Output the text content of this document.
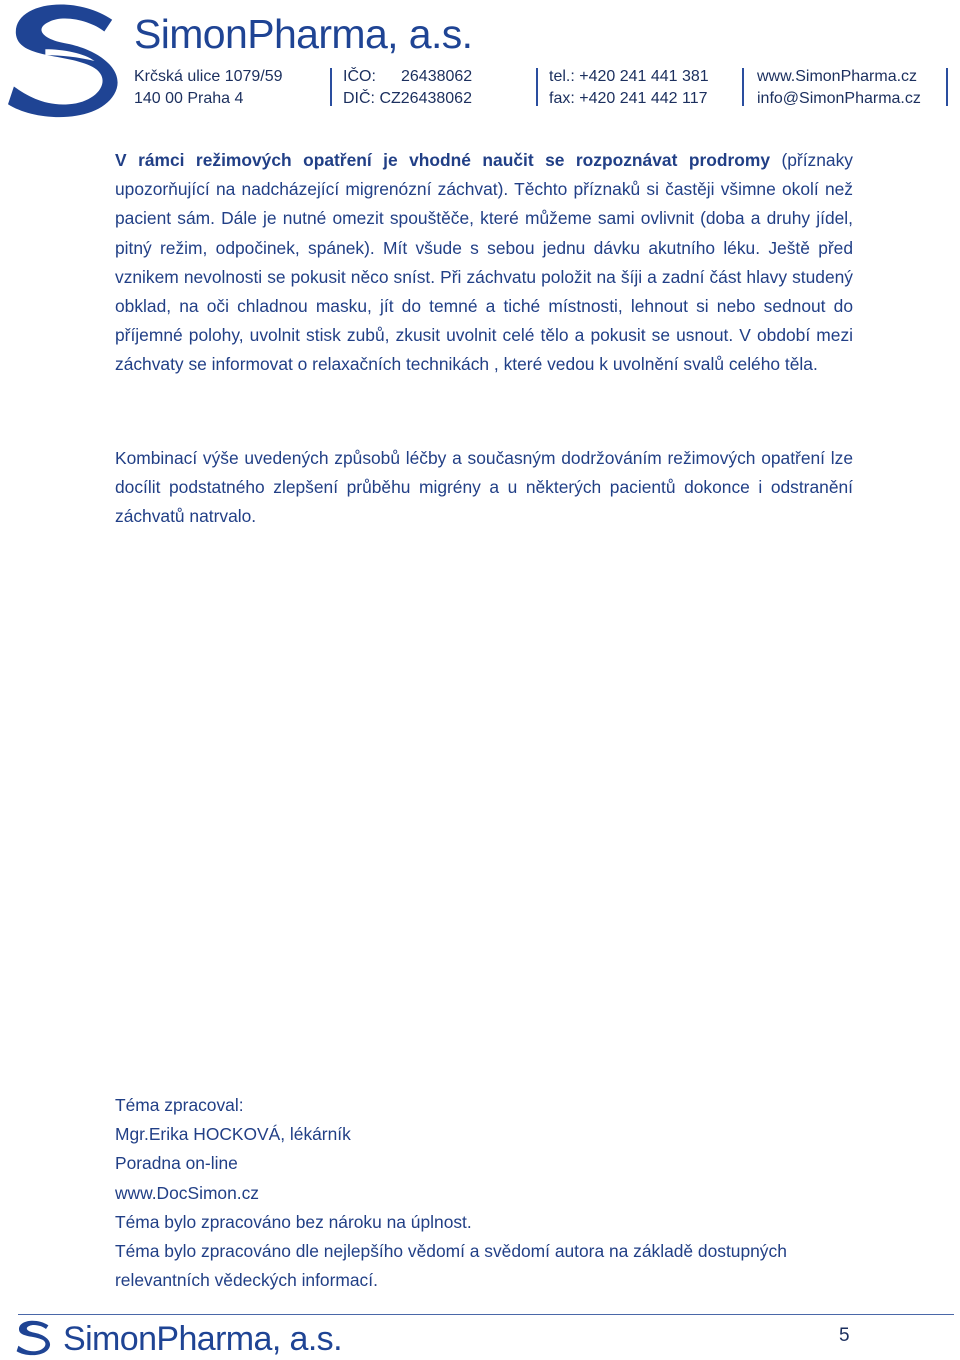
SimonPharma, a.s.
Krčská ulice 1079/59
140 00 Praha 4
IČO: 26438062
DIČ: CZ26438062
tel.: +420 241 441 381
fax: +420 241 442 117
www.SimonPharma.cz
info@SimonPharma.cz

V rámci režimových opatření je vhodné naučit se rozpoznávat prodromy (příznaky upozorňující na nadcházející migrenózní záchvat). Těchto příznaků si častěji všimne okolí než pacient sám. Dále je nutné omezit spouštěče, které můžeme sami ovlivnit (doba a druhy jídel, pitný režim, odpočinek, spánek). Mít všude s sebou jednu dávku akutního léku. Ještě před vznikem nevolnosti se pokusit něco sníst. Při záchvatu položit na šíji a zadní část hlavy studený obklad, na oči chladnou masku, jít do temné a tiché místnosti, lehnout si nebo sednout do příjemné polohy, uvolnit stisk zubů, zkusit uvolnit celé tělo a pokusit se usnout. V období mezi záchvaty se informovat o relaxačních technikách , které vedou k uvolnění svalů celého těla.

Kombinací výše uvedených způsobů léčby a současným dodržováním režimových opatření lze docílit podstatného zlepšení průběhu migrény a u některých pacientů dokonce i odstranění záchvatů natrvalo.

Téma zpracoval:
Mgr.Erika HOCKOVÁ, lékárník
Poradna on-line
www.DocSimon.cz
Téma bylo zpracováno bez nároku na úplnost.
Téma bylo zpracováno dle nejlepšího vědomí a svědomí autora na základě dostupných
relevantních vědeckých informací.
SimonPharma, a.s.	5
